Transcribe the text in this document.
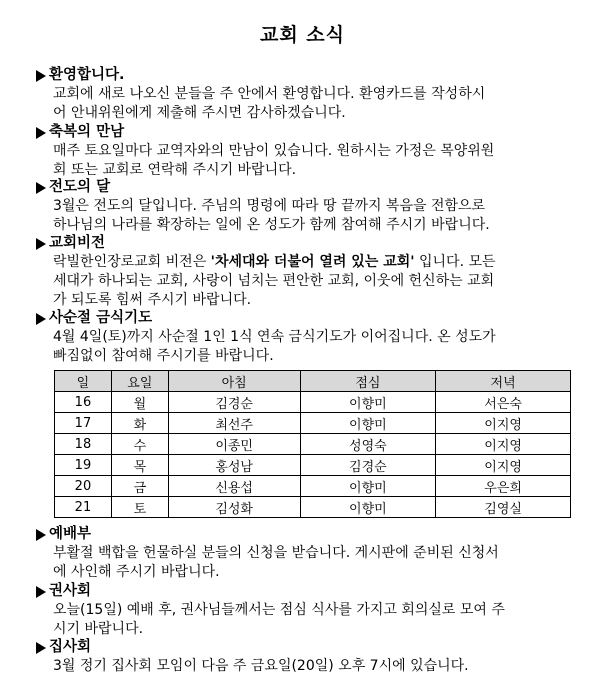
교회 소식
환영합니다.
교회에 새로 나오신 분들을 주 안에서 환영합니다. 환영카드를 작성하시
어 안내위원에게 제출해 주시면 감사하겠습니다.
축복의 만남
매주 토요일마다 교역자와의 만남이 있습니다. 원하시는 가정은 목양위원
회 또는 교회로 연락해 주시기 바랍니다.
전도의 달
3월은 전도의 달입니다. 주님의 명령에 따라 땅 끝까지 복음을 전함으로
하나님의 나라를 확장하는 일에 온 성도가 함께 참여해 주시기 바랍니다.
교회비전
락빌한인장로교회 비전은 '차세대와 더불어 열려 있는 교회' 입니다. 모든
세대가 하나되는 교회, 사랑이 넘치는 편안한 교회, 이웃에 헌신하는 교회
가 되도록 힘써 주시기 바랍니다.
사순절 금식기도
4월 4일(토)까지 사순절 1인 1식 연속 금식기도가 이어집니다. 온 성도가
빠짐없이 참여해 주시기를 바랍니다.
일	요일	아침	점심	저녁
16	월	김경순	이향미	서은숙
17	화	최선주	이향미	이지영
18	수	이종민	성영숙	이지영
19	목	홍성남	김경순	이지영
20	금	신용섭	이향미	우은희
21	토	김성화	이향미	김영실
예배부
부활절 백합을 헌물하실 분들의 신청을 받습니다. 게시판에 준비된 신청서
에 사인해 주시기 바랍니다.
권사회
오늘(15일) 예배 후, 권사님들께서는 점심 식사를 가지고 회의실로 모여 주
시기 바랍니다.
집사회
3월 정기 집사회 모임이 다음 주 금요일(20일) 오후 7시에 있습니다.
